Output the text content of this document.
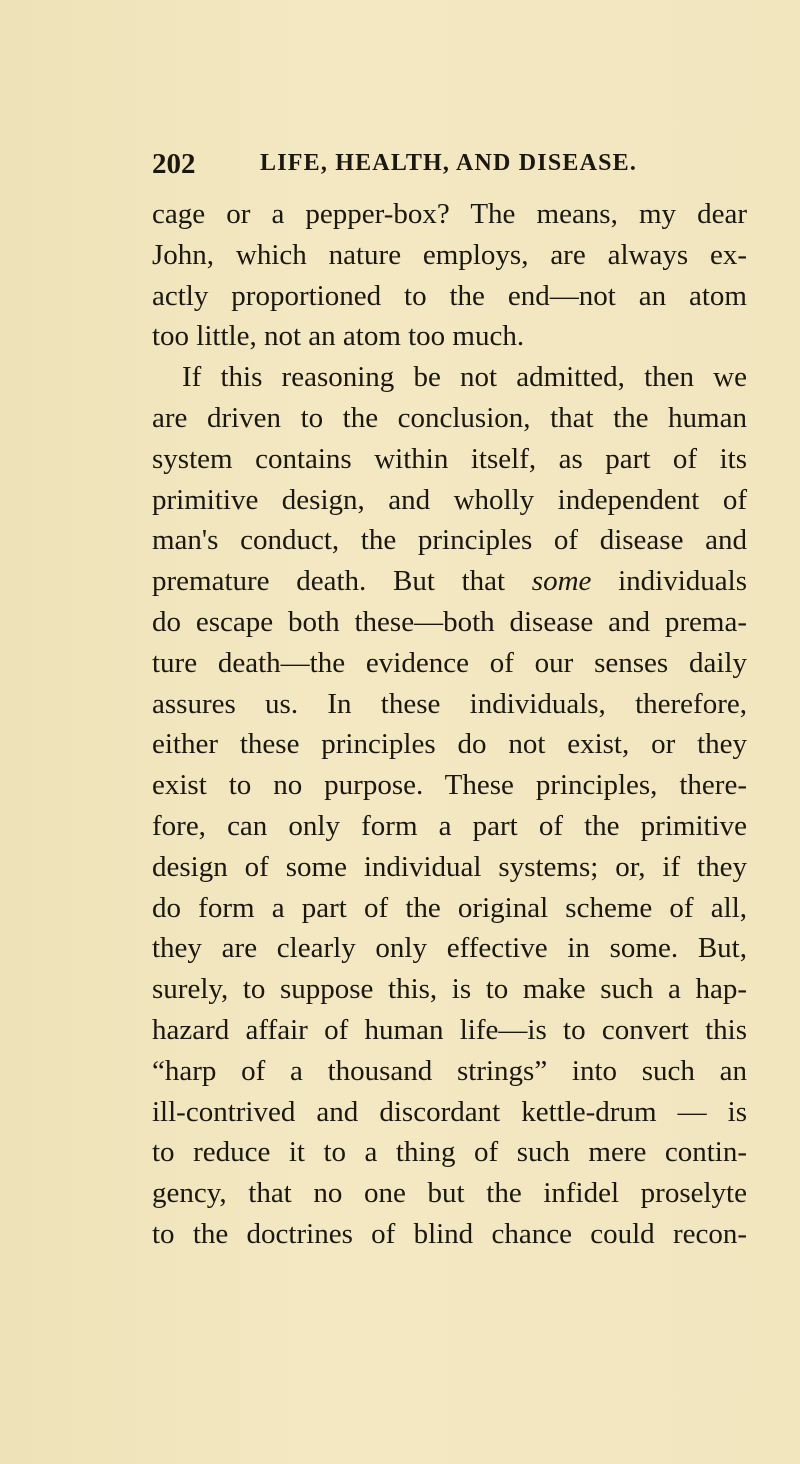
202	LIFE, HEALTH, AND DISEASE.
cage or a pepper-box? The means, my dear
John, which nature employs, are always ex-
actly proportioned to the end—not an atom
too little, not an atom too much.
If this reasoning be not admitted, then we
are driven to the conclusion, that the human
system contains within itself, as part of its
primitive design, and wholly independent of
man's conduct, the principles of disease and
premature death. But that some individuals
do escape both these—both disease and prema-
ture death—the evidence of our senses daily
assures us. In these individuals, therefore,
either these principles do not exist, or they
exist to no purpose. These principles, there-
fore, can only form a part of the primitive
design of some individual systems; or, if they
do form a part of the original scheme of all,
they are clearly only effective in some. But,
surely, to suppose this, is to make such a hap-
hazard affair of human life—is to convert this
“harp of a thousand strings” into such an
ill-contrived and discordant kettle-drum — is
to reduce it to a thing of such mere contin-
gency, that no one but the infidel proselyte
to the doctrines of blind chance could recon-
